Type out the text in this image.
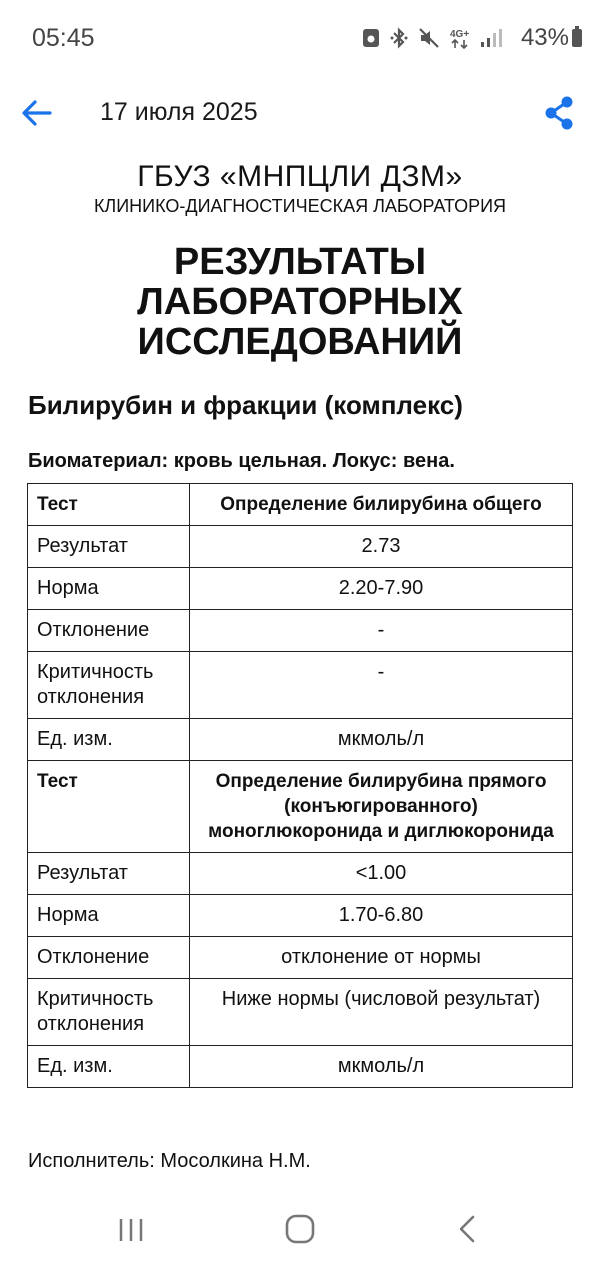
05:45	4G+ 43%
17 июля 2025
ГБУЗ «МНПЦЛИ ДЗМ»
КЛИНИКО-ДИАГНОСТИЧЕСКАЯ ЛАБОРАТОРИЯ
РЕЗУЛЬТАТЫ
ЛАБОРАТОРНЫХ
ИССЛЕДОВАНИЙ
Билирубин и фракции (комплекс)
Биоматериал: кровь цельная. Локус: вена.
Тест	Определение билирубина общего
Результат	2.73
Норма	2.20-7.90
Отклонение	-
Критичность отклонения	-
Ед. изм.	мкмоль/л
Тест	Определение билирубина прямого (конъюгированного) моноглюкоронида и диглюкоронида
Результат	<1.00
Норма	1.70-6.80
Отклонение	отклонение от нормы
Критичность отклонения	Ниже нормы (числовой результат)
Ед. изм.	мкмоль/л
Исполнитель: Мосолкина Н.М.
